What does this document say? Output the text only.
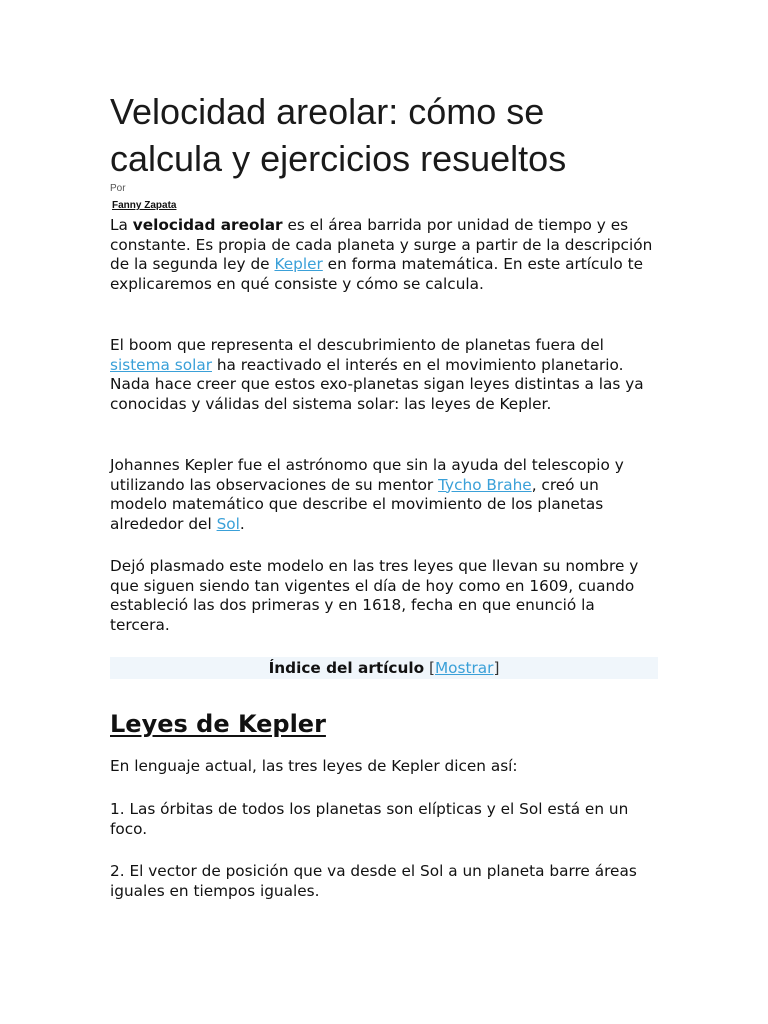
Velocidad areolar: cómo se calcula y ejercicios resueltos
Por
Fanny Zapata

La velocidad areolar es el área barrida por unidad de tiempo y es constante. Es propia de cada planeta y surge a partir de la descripción de la segunda ley de Kepler en forma matemática. En este artículo te explicaremos en qué consiste y cómo se calcula.

El boom que representa el descubrimiento de planetas fuera del sistema solar ha reactivado el interés en el movimiento planetario. Nada hace creer que estos exo-planetas sigan leyes distintas a las ya conocidas y válidas del sistema solar: las leyes de Kepler.

Johannes Kepler fue el astrónomo que sin la ayuda del telescopio y utilizando las observaciones de su mentor Tycho Brahe, creó un modelo matemático que describe el movimiento de los planetas alrededor del Sol.

Dejó plasmado este modelo en las tres leyes que llevan su nombre y que siguen siendo tan vigentes el día de hoy como en 1609, cuando estableció las dos primeras y en 1618, fecha en que enunció la tercera.

Índice del artículo [Mostrar]
Leyes de Kepler

En lenguaje actual, las tres leyes de Kepler dicen así:

1. Las órbitas de todos los planetas son elípticas y el Sol está en un foco.

2. El vector de posición que va desde el Sol a un planeta barre áreas iguales en tiempos iguales.
